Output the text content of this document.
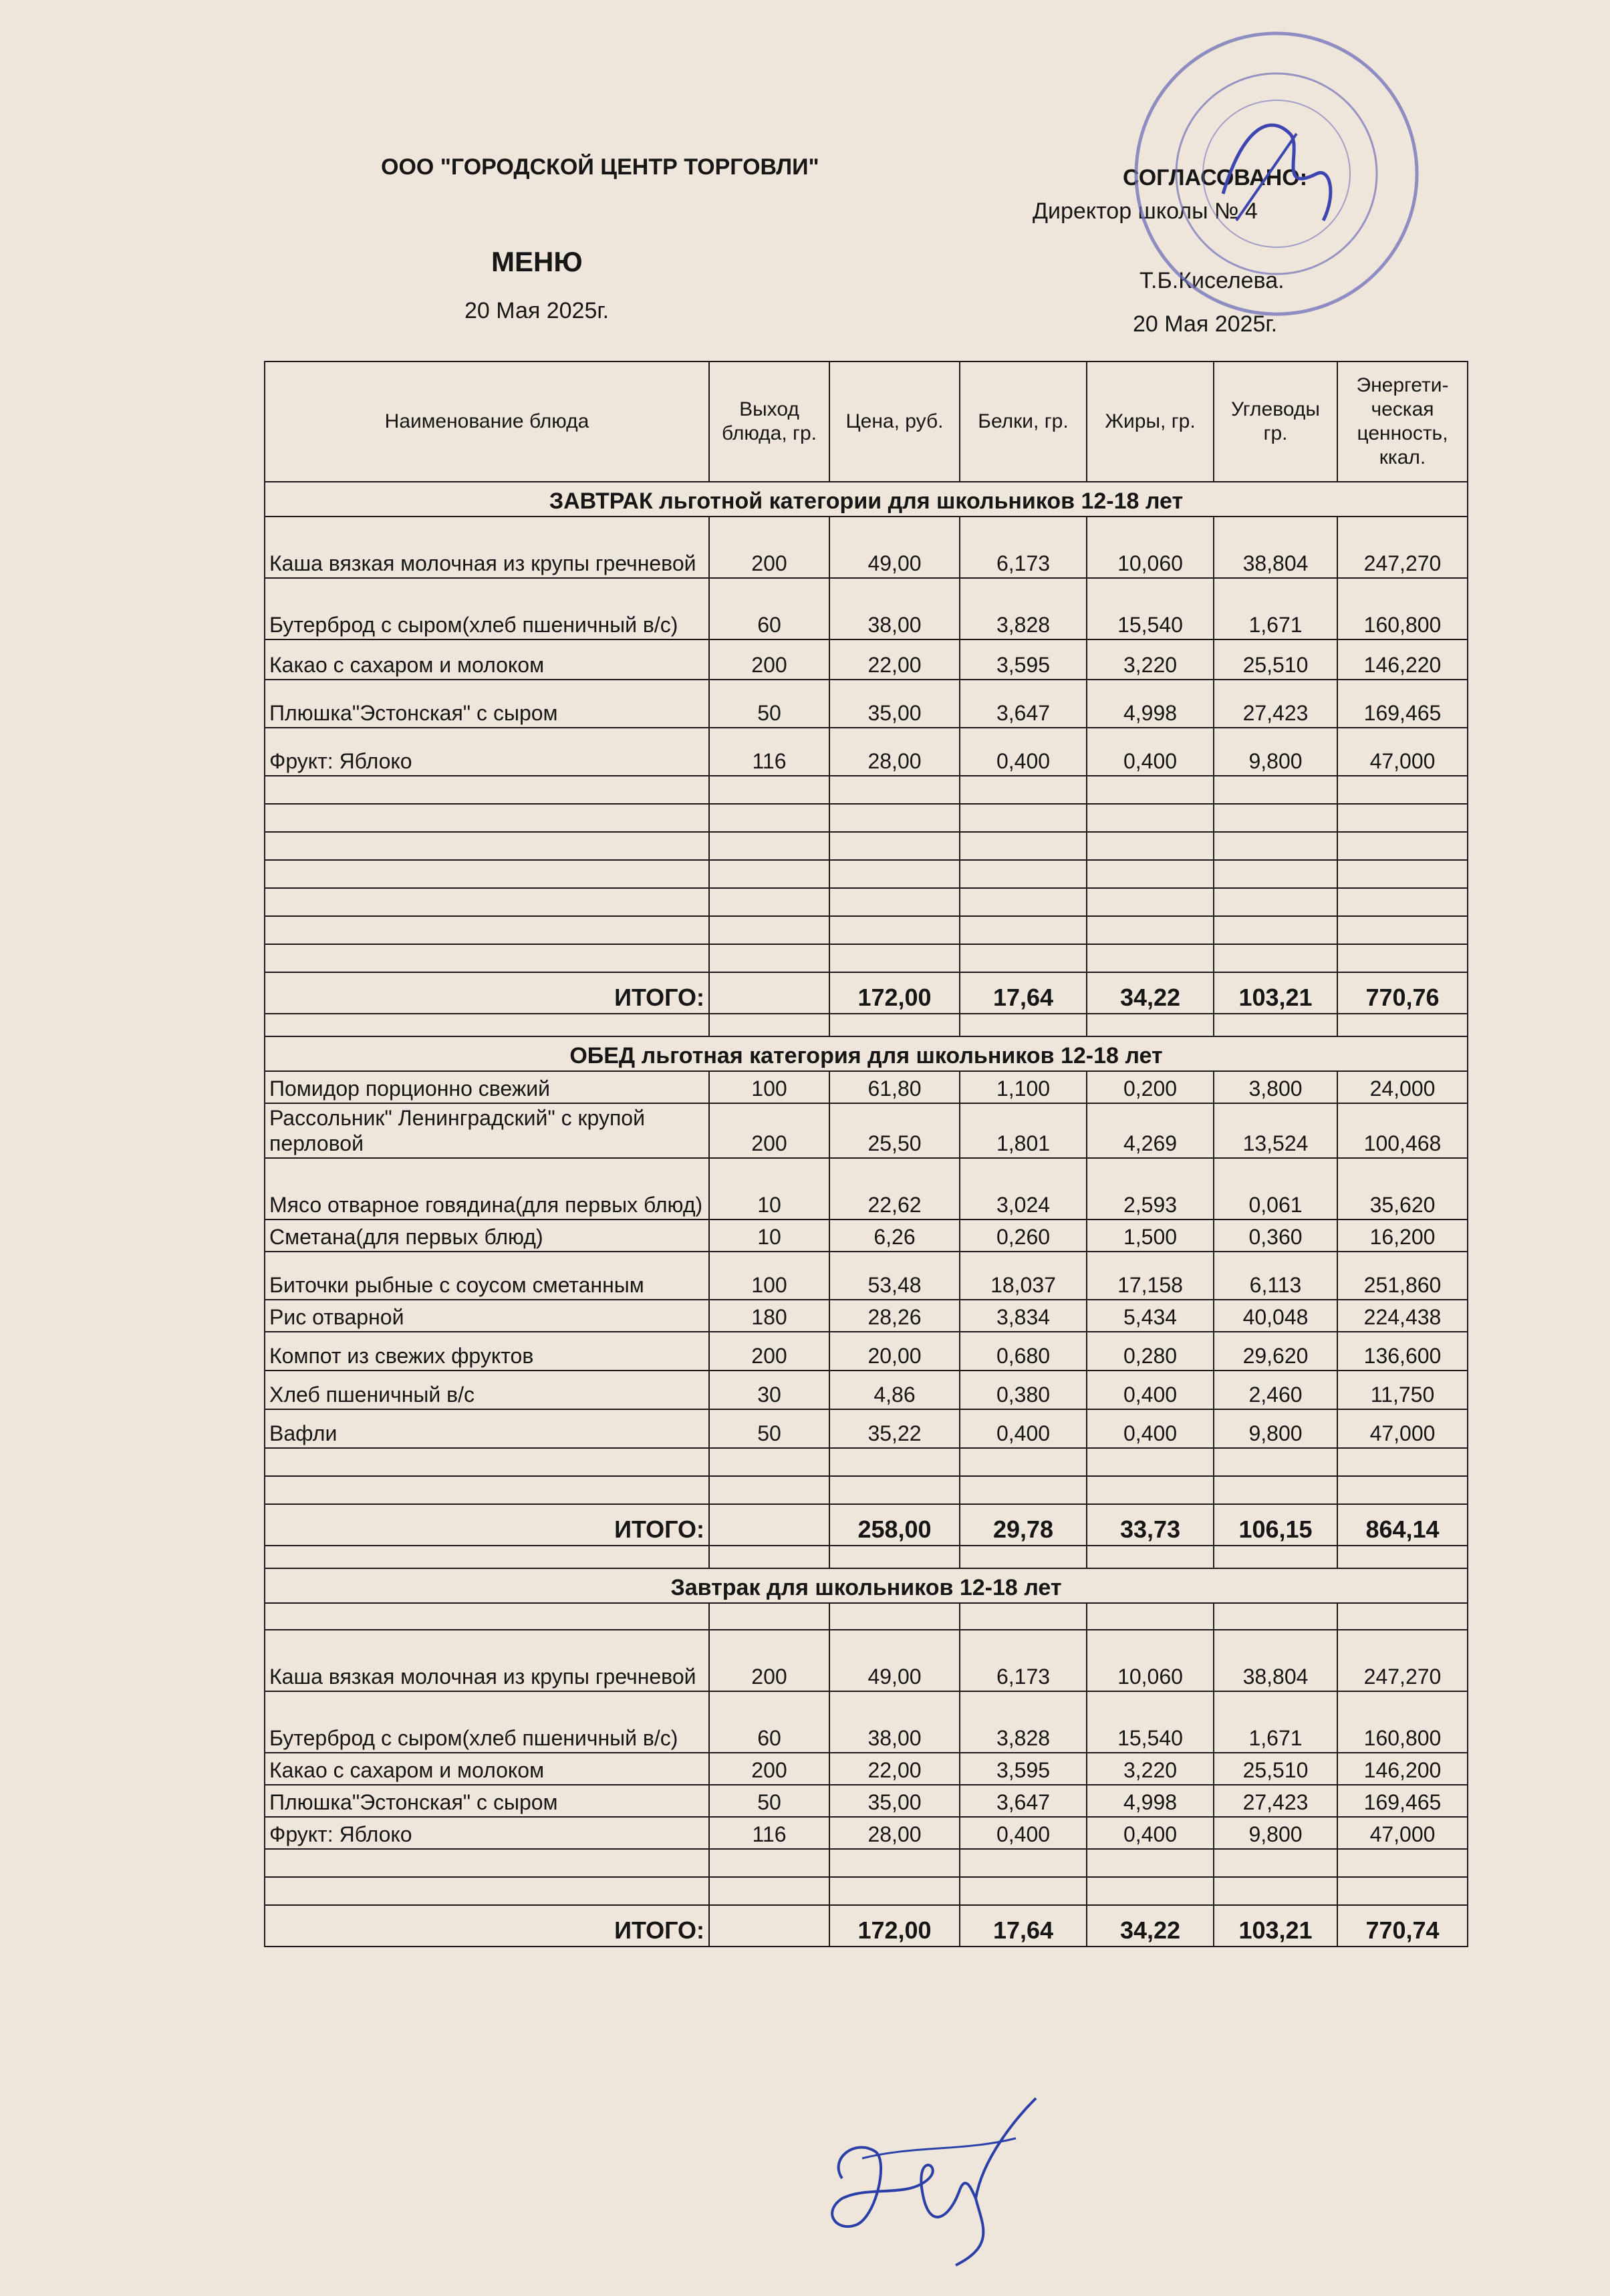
ООО "ГОРОДСКОЙ ЦЕНТР ТОРГОВЛИ"
МЕНЮ
20 Мая 2025г.
СОГЛАСОВАНО:
Директор школы № 4
Т.Б.Киселева.
20 Мая 2025г.
Наименование блюда	Выход блюда, гр.	Цена, руб.	Белки, гр.	Жиры, гр.	Углеводы гр.	Энергети-ческая ценность, ккал.
ЗАВТРАК льготной категории для школьников 12-18 лет						
Каша вязкая молочная из крупы гречневой	200	49,00	6,173	10,060	38,804	247,270
Бутерброд с сыром(хлеб пшеничный в/с)	60	38,00	3,828	15,540	1,671	160,800
Какао с сахаром и молоком	200	22,00	3,595	3,220	25,510	146,220
Плюшка"Эстонская" с сыром	50	35,00	3,647	4,998	27,423	169,465
Фрукт: Яблоко	116	28,00	0,400	0,400	9,800	47,000

ИТОГО:		172,00	17,64	34,22	103,21	770,76

ОБЕД льготная категория для школьников 12-18 лет						
Помидор порционно свежий	100	61,80	1,100	0,200	3,800	24,000
Рассольник" Ленинградский" с крупой перловой	200	25,50	1,801	4,269	13,524	100,468
Мясо отварное говядина(для первых блюд)	10	22,62	3,024	2,593	0,061	35,620
Сметана(для первых блюд)	10	6,26	0,260	1,500	0,360	16,200
Биточки рыбные с соусом сметанным	100	53,48	18,037	17,158	6,113	251,860
Рис отварной	180	28,26	3,834	5,434	40,048	224,438
Компот из свежих фруктов	200	20,00	0,680	0,280	29,620	136,600
Хлеб пшеничный в/с	30	4,86	0,380	0,400	2,460	11,750
Вафли	50	35,22	0,400	0,400	9,800	47,000

ИТОГО:		258,00	29,78	33,73	106,15	864,14

Завтрак для школьников 12-18 лет						

Каша вязкая молочная из крупы гречневой	200	49,00	6,173	10,060	38,804	247,270
Бутерброд с сыром(хлеб пшеничный в/с)	60	38,00	3,828	15,540	1,671	160,800
Какао с сахаром и молоком	200	22,00	3,595	3,220	25,510	146,200
Плюшка"Эстонская" с сыром	50	35,00	3,647	4,998	27,423	169,465
Фрукт: Яблоко	116	28,00	0,400	0,400	9,800	47,000

ИТОГО:		172,00	17,64	34,22	103,21	770,74
